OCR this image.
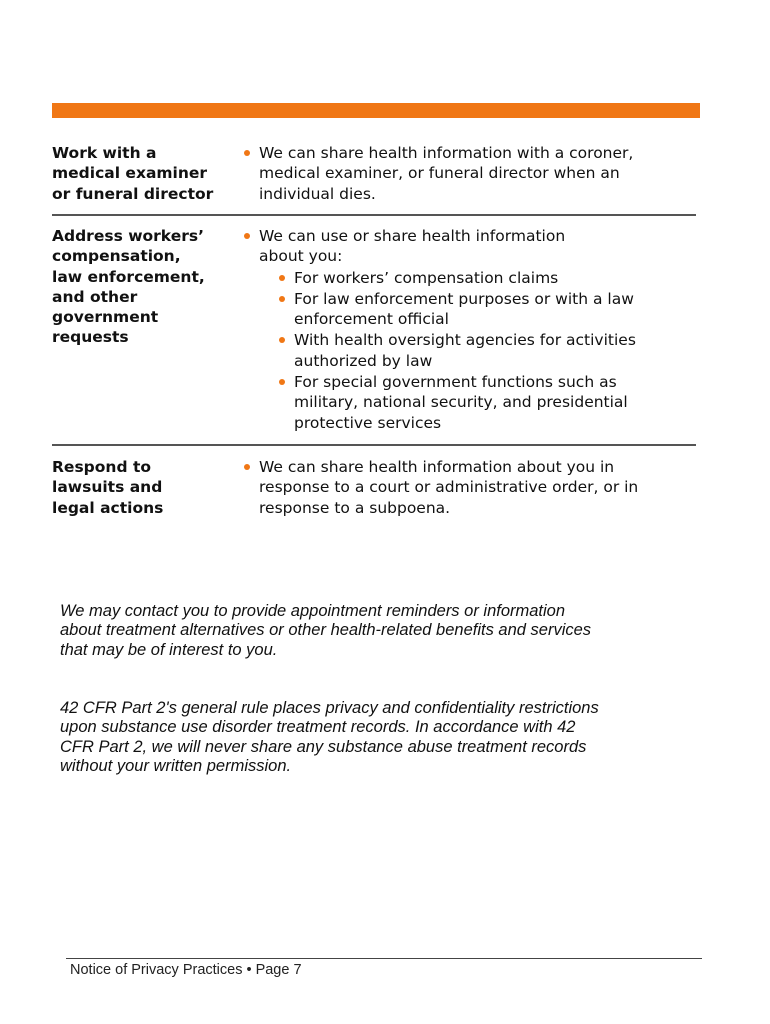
Work with a
medical examiner
or funeral director
We can share health information with a coroner,
medical examiner, or funeral director when an
individual dies.
Address workers’
compensation,
law enforcement,
and other
government
requests
We can use or share health information
about you:
For workers’ compensation claims
For law enforcement purposes or with a law
enforcement official
With health oversight agencies for activities
authorized by law
For special government functions such as
military, national security, and presidential
protective services
Respond to
lawsuits and
legal actions
We can share health information about you in
response to a court or administrative order, or in
response to a subpoena.

We may contact you to provide appointment reminders or information
about treatment alternatives or other health-related benefits and services
that may be of interest to you.

42 CFR Part 2's general rule places privacy and confidentiality restrictions
upon substance use disorder treatment records. In accordance with 42
CFR Part 2, we will never share any substance abuse treatment records
without your written permission.

Notice of Privacy Practices • Page 7
